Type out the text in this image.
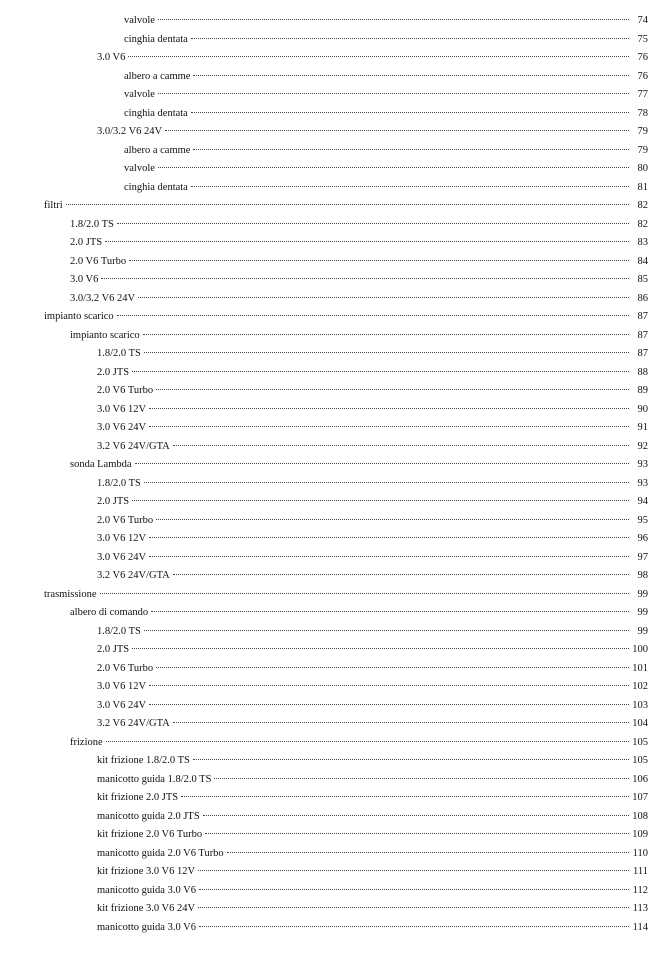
valvole	74
cinghia dentata	75
3.0 V6	76
albero a camme	76
valvole	77
cinghia dentata	78
3.0/3.2 V6 24V	79
albero a camme	79
valvole	80
cinghia dentata	81
filtri	82
1.8/2.0 TS	82
2.0 JTS	83
2.0 V6 Turbo	84
3.0 V6	85
3.0/3.2 V6 24V	86
impianto scarico	87
impianto scarico	87
1.8/2.0 TS	87
2.0 JTS	88
2.0 V6 Turbo	89
3.0 V6 12V	90
3.0 V6 24V	91
3.2 V6 24V/GTA	92
sonda Lambda	93
1.8/2.0 TS	93
2.0 JTS	94
2.0 V6 Turbo	95
3.0 V6 12V	96
3.0 V6 24V	97
3.2 V6 24V/GTA	98
trasmissione	99
albero di comando	99
1.8/2.0 TS	99
2.0 JTS	100
2.0 V6 Turbo	101
3.0 V6 12V	102
3.0 V6 24V	103
3.2 V6 24V/GTA	104
frizione	105
kit frizione 1.8/2.0 TS	105
manicotto guida 1.8/2.0 TS	106
kit frizione 2.0 JTS	107
manicotto guida 2.0 JTS	108
kit frizione 2.0 V6 Turbo	109
manicotto guida 2.0 V6 Turbo	110
kit frizione 3.0 V6 12V	111
manicotto guida 3.0 V6	112
kit frizione 3.0 V6 24V	113
manicotto guida 3.0 V6	114
